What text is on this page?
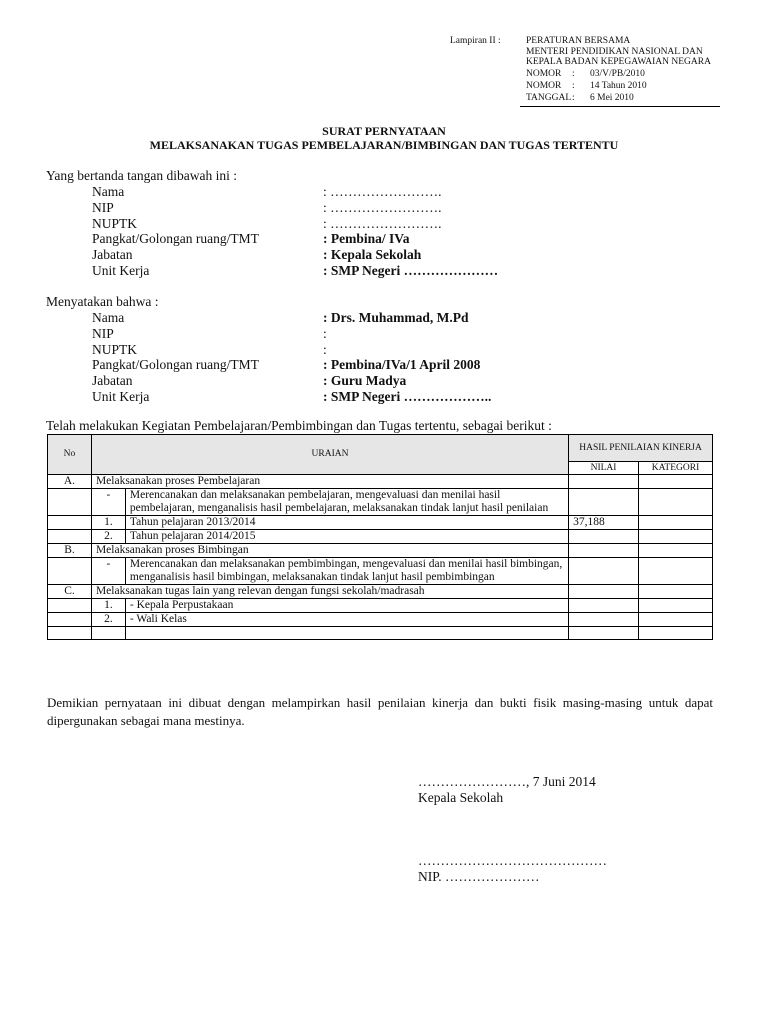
Lampiran II :	PERATURAN BERSAMA
MENTERI PENDIDIKAN NASIONAL DAN
KEPALA BADAN KEPEGAWAIAN NEGARA
NOMOR : 03/V/PB/2010
NOMOR : 14 Tahun 2010
TANGGAL : 6 Mei 2010
SURAT PERNYATAAN
MELAKSANAKAN TUGAS PEMBELAJARAN/BIMBINGAN DAN TUGAS TERTENTU
Yang bertanda tangan dibawah ini :
Nama	: …………………….
NIP	: …………………….
NUPTK	: …………………….
Pangkat/Golongan ruang/TMT	: Pembina/ IVa
Jabatan	: Kepala Sekolah
Unit Kerja	: SMP Negeri …………………
Menyatakan bahwa :
Nama	: Drs. Muhammad, M.Pd
NIP	:
NUPTK	:
Pangkat/Golongan ruang/TMT	: Pembina/IVa/1 April 2008
Jabatan	: Guru Madya
Unit Kerja	: SMP Negeri ………………..
Telah melakukan Kegiatan Pembelajaran/Pembimbingan dan Tugas tertentu, sebagai berikut :
No	URAIAN		HASIL PENILAIAN KINERJA	
			NILAI	KATEGORI
A.	Melaksanakan proses Pembelajaran			
	-	Merencanakan dan melaksanakan pembelajaran, mengevaluasi dan menilai hasil pembelajaran, menganalisis hasil pembelajaran, melaksanakan tindak lanjut hasil penilaian		
	1.	Tahun pelajaran 2013/2014	37,188	
	2.	Tahun pelajaran 2014/2015		
B.	Melaksanakan proses Bimbingan			
	-	Merencanakan dan melaksanakan pembimbingan, mengevaluasi dan menilai hasil bimbingan, menganalisis hasil bimbingan, melaksanakan tindak lanjut hasil pembimbingan		
C.	Melaksanakan tugas lain yang relevan dengan fungsi sekolah/madrasah			
	1.	- Kepala Perpustakaan		
	2.	- Wali Kelas		

Demikian pernyataan ini dibuat dengan melampirkan hasil penilaian kinerja dan bukti fisik masing-masing untuk dapat dipergunakan sebagai mana mestinya.
……………………, 7 Juni 2014
Kepala Sekolah
……………………………………
NIP. …………………
